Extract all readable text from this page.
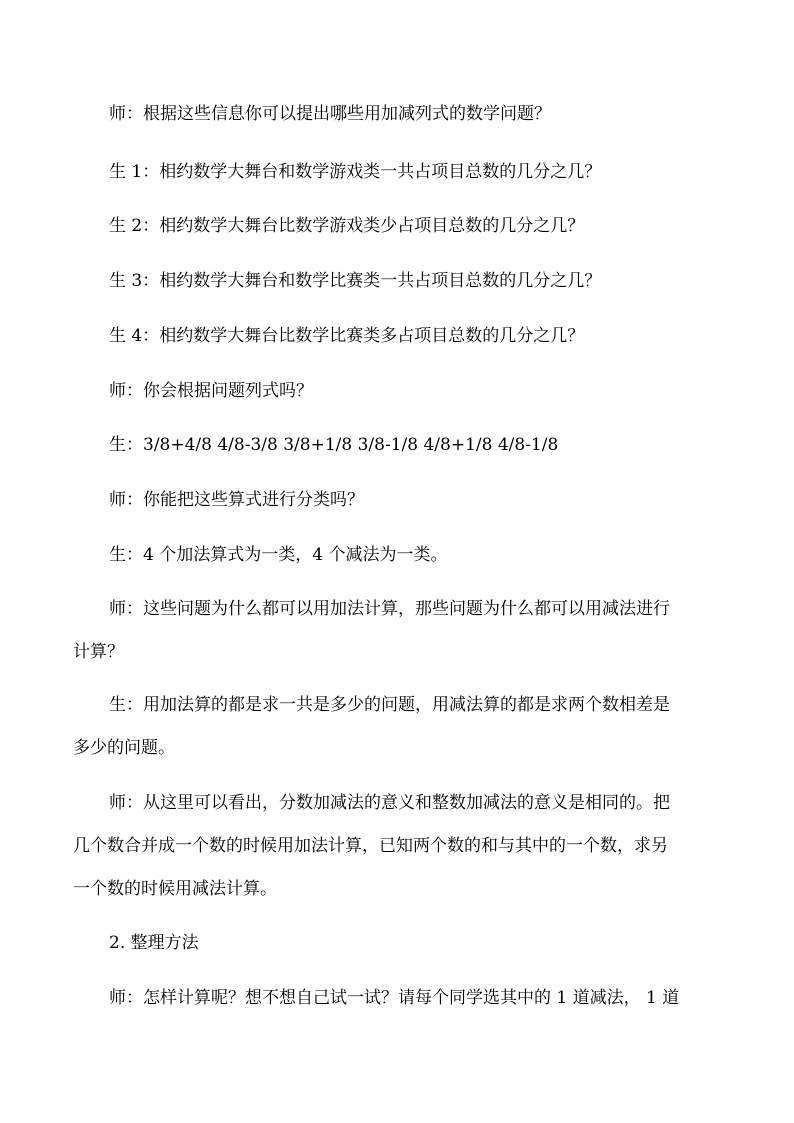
师：根据这些信息你可以提出哪些用加减列式的数学问题？
生 1：相约数学大舞台和数学游戏类一共占项目总数的几分之几？
生 2：相约数学大舞台比数学游戏类少占项目总数的几分之几？
生 3：相约数学大舞台和数学比赛类一共占项目总数的几分之几？
生 4：相约数学大舞台比数学比赛类多占项目总数的几分之几？
师：你会根据问题列式吗？
生：3/8+4/8 4/8-3/8 3/8+1/8 3/8-1/8 4/8+1/8 4/8-1/8
师：你能把这些算式进行分类吗？
生：4 个加法算式为一类，4 个减法为一类。
师：这些问题为什么都可以用加法计算，那些问题为什么都可以用减法进行
计算？
生：用加法算的都是求一共是多少的问题，用减法算的都是求两个数相差是
多少的问题。
师：从这里可以看出，分数加减法的意义和整数加减法的意义是相同的。把
几个数合并成一个数的时候用加法计算，已知两个数的和与其中的一个数，求另
一个数的时候用减法计算。
2. 整理方法
师：怎样计算呢？想不想自己试一试？请每个同学选其中的 1 道减法， 1 道
